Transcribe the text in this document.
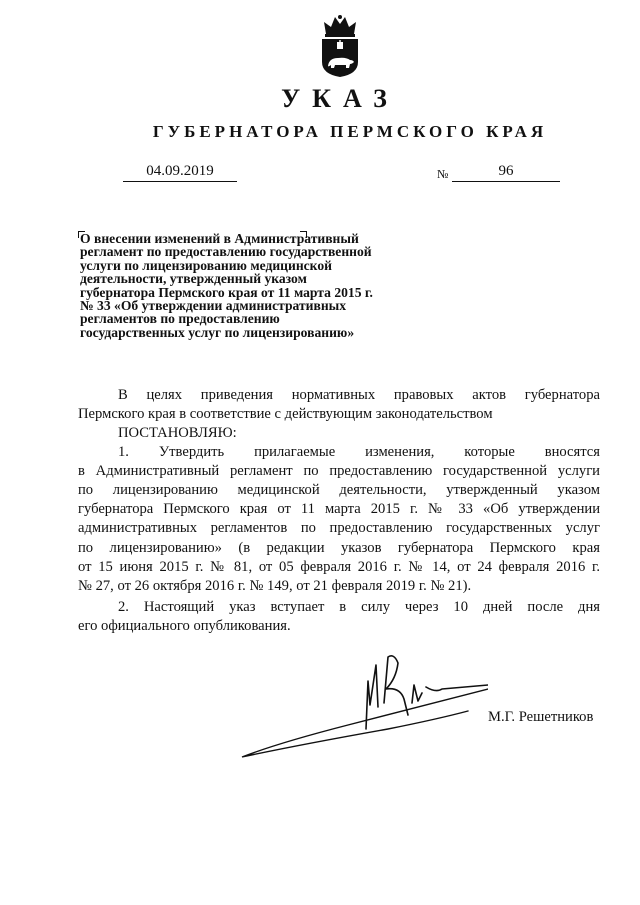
УКАЗ
ГУБЕРНАТОРА ПЕРМСКОГО КРАЯ
04.09.2019	№	96
О внесении изменений в Административный
регламент по предоставлению государственной
услуги по лицензированию медицинской
деятельности, утвержденный указом
губернатора Пермского края от 11 марта 2015 г.
№ 33 «Об утверждении административных
регламентов по предоставлению
государственных услуг по лицензированию»
В целях приведения нормативных правовых актов губернатора
Пермского края в соответствие с действующим законодательством
ПОСТАНОВЛЯЮ:
1. Утвердить прилагаемые изменения, которые вносятся
в Административный регламент по предоставлению государственной услуги
по лицензированию медицинской деятельности, утвержденный указом
губернатора Пермского края от 11 марта 2015 г. № 33 «Об утверждении
административных регламентов по предоставлению государственных услуг
по лицензированию» (в редакции указов губернатора Пермского края
от 15 июня 2015 г. № 81, от 05 февраля 2016 г. № 14, от 24 февраля 2016 г.
№ 27, от 26 октября 2016 г. № 149, от 21 февраля 2019 г. № 21).
2. Настоящий указ вступает в силу через 10 дней после дня
его официального опубликования.
М.Г. Решетников
